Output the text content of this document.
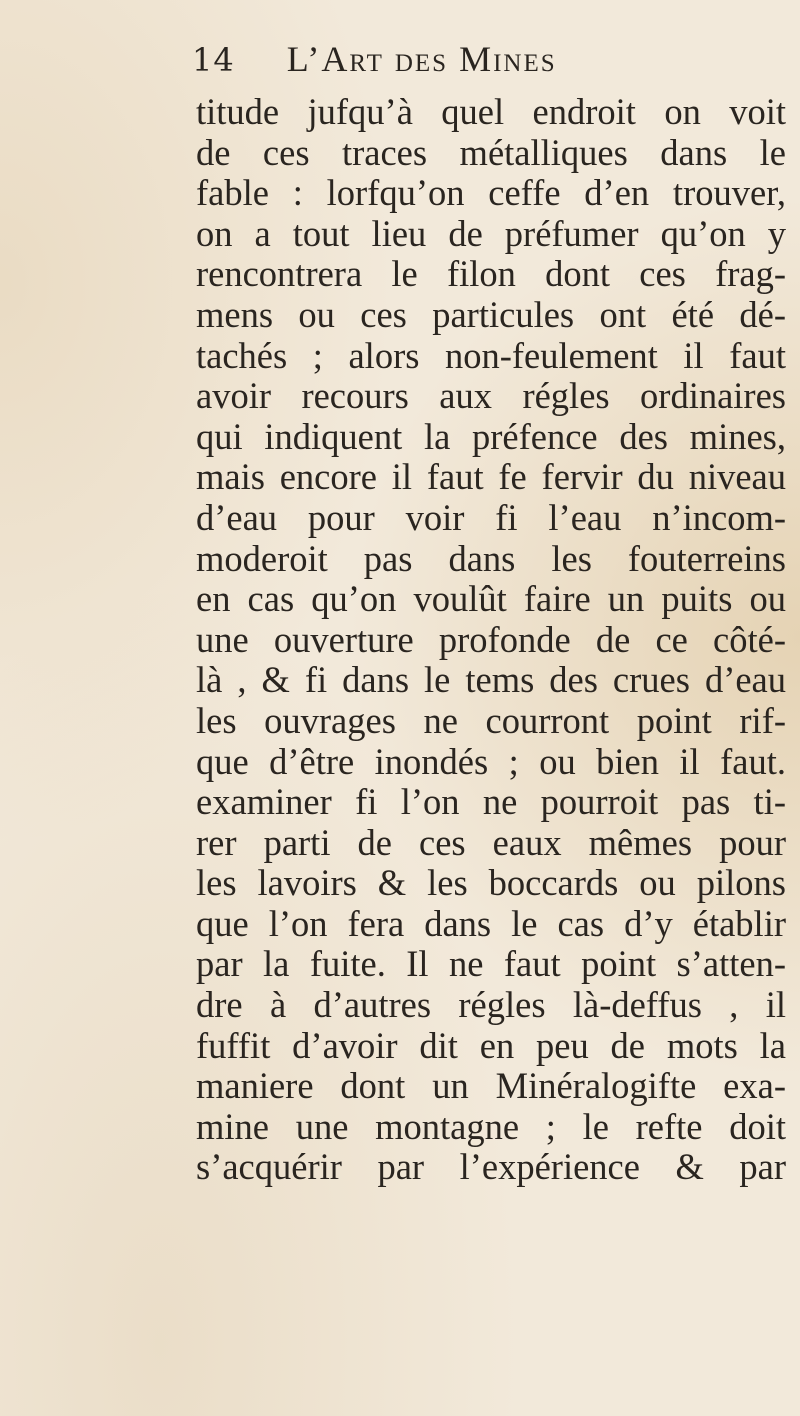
14 L’Art des Mines
titude jufqu’à quel endroit on voit
de ces traces métalliques dans le
fable : lorfqu’on ceffe d’en trouver,
on a tout lieu de préfumer qu’on y
rencontrera le filon dont ces frag-
mens ou ces particules ont été dé-
tachés ; alors non-feulement il faut
avoir recours aux régles ordinaires
qui indiquent la préfence des mines,
mais encore il faut fe fervir du niveau
d’eau pour voir fi l’eau n’incom-
moderoit pas dans les fouterreins
en cas qu’on voulût faire un puits ou
une ouverture profonde de ce côté-
là , & fi dans le tems des crues d’eau
les ouvrages ne courront point rif-
que d’être inondés ; ou bien il faut.
examiner fi l’on ne pourroit pas ti-
rer parti de ces eaux mêmes pour
les lavoirs & les boccards ou pilons
que l’on fera dans le cas d’y établir
par la fuite. Il ne faut point s’atten-
dre à d’autres régles là-deffus , il
fuffit d’avoir dit en peu de mots la
maniere dont un Minéralogifte exa-
mine une montagne ; le refte doit
s’acquérir par l’expérience & par
